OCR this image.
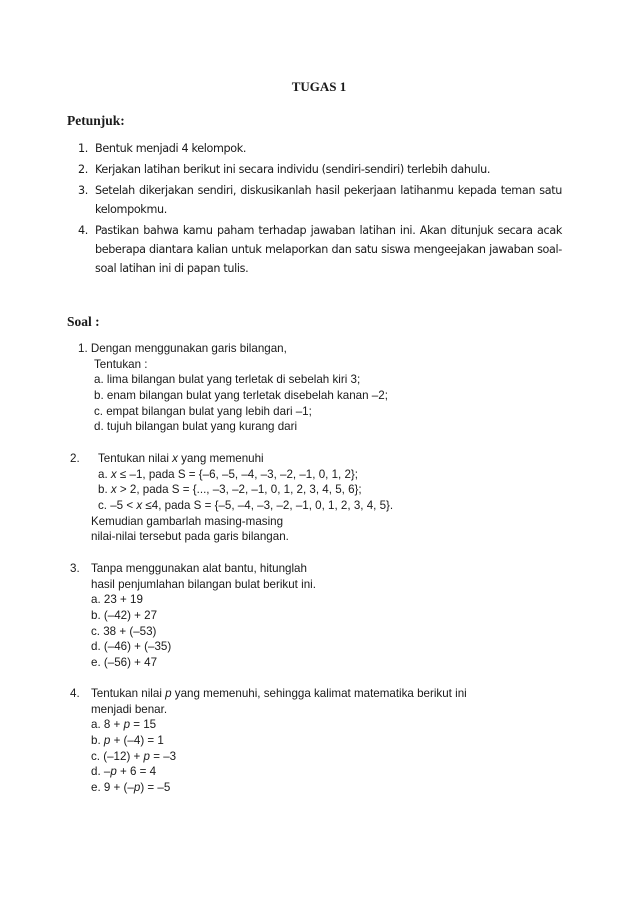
TUGAS 1
Petunjuk:
1. Bentuk menjadi 4 kelompok.
2. Kerjakan latihan berikut ini secara individu (sendiri-sendiri) terlebih dahulu.
3. Setelah dikerjakan sendiri, diskusikanlah hasil pekerjaan latihanmu kepada teman satu kelompokmu.
4. Pastikan bahwa kamu paham terhadap jawaban latihan ini. Akan ditunjuk secara acak beberapa diantara kalian untuk melaporkan dan satu siswa mengeejakan jawaban soal-soal latihan ini di papan tulis.
Soal :
1. Dengan menggunakan garis bilangan,
Tentukan :
a. lima bilangan bulat yang terletak di sebelah kiri 3;
b. enam bilangan bulat yang terletak disebelah kanan –2;
c. empat bilangan bulat yang lebih dari –1;
d. tujuh bilangan bulat yang kurang dari
2.	Tentukan nilai x yang memenuhi
a. x ≤ –1, pada S = {–6, –5, –4, –3, –2, –1, 0, 1, 2};
b. x > 2, pada S = {..., –3, –2, –1, 0, 1, 2, 3, 4, 5, 6};
c. –5 < x ≤4, pada S = {–5, –4, –3, –2, –1, 0, 1, 2, 3, 4, 5}.
Kemudian gambarlah masing-masing
nilai-nilai tersebut pada garis bilangan.
3. Tanpa menggunakan alat bantu, hitunglah
hasil penjumlahan bilangan bulat berikut ini.
a. 23 + 19
b. (–42) + 27
c. 38 + (–53)
d. (–46) + (–35)
e. (–56) + 47
4. Tentukan nilai p yang memenuhi, sehingga kalimat matematika berikut ini
menjadi benar.
a. 8 + p = 15
b. p + (–4) = 1
c. (–12) + p = –3
d. –p + 6 = 4
e. 9 + (–p) = –5
